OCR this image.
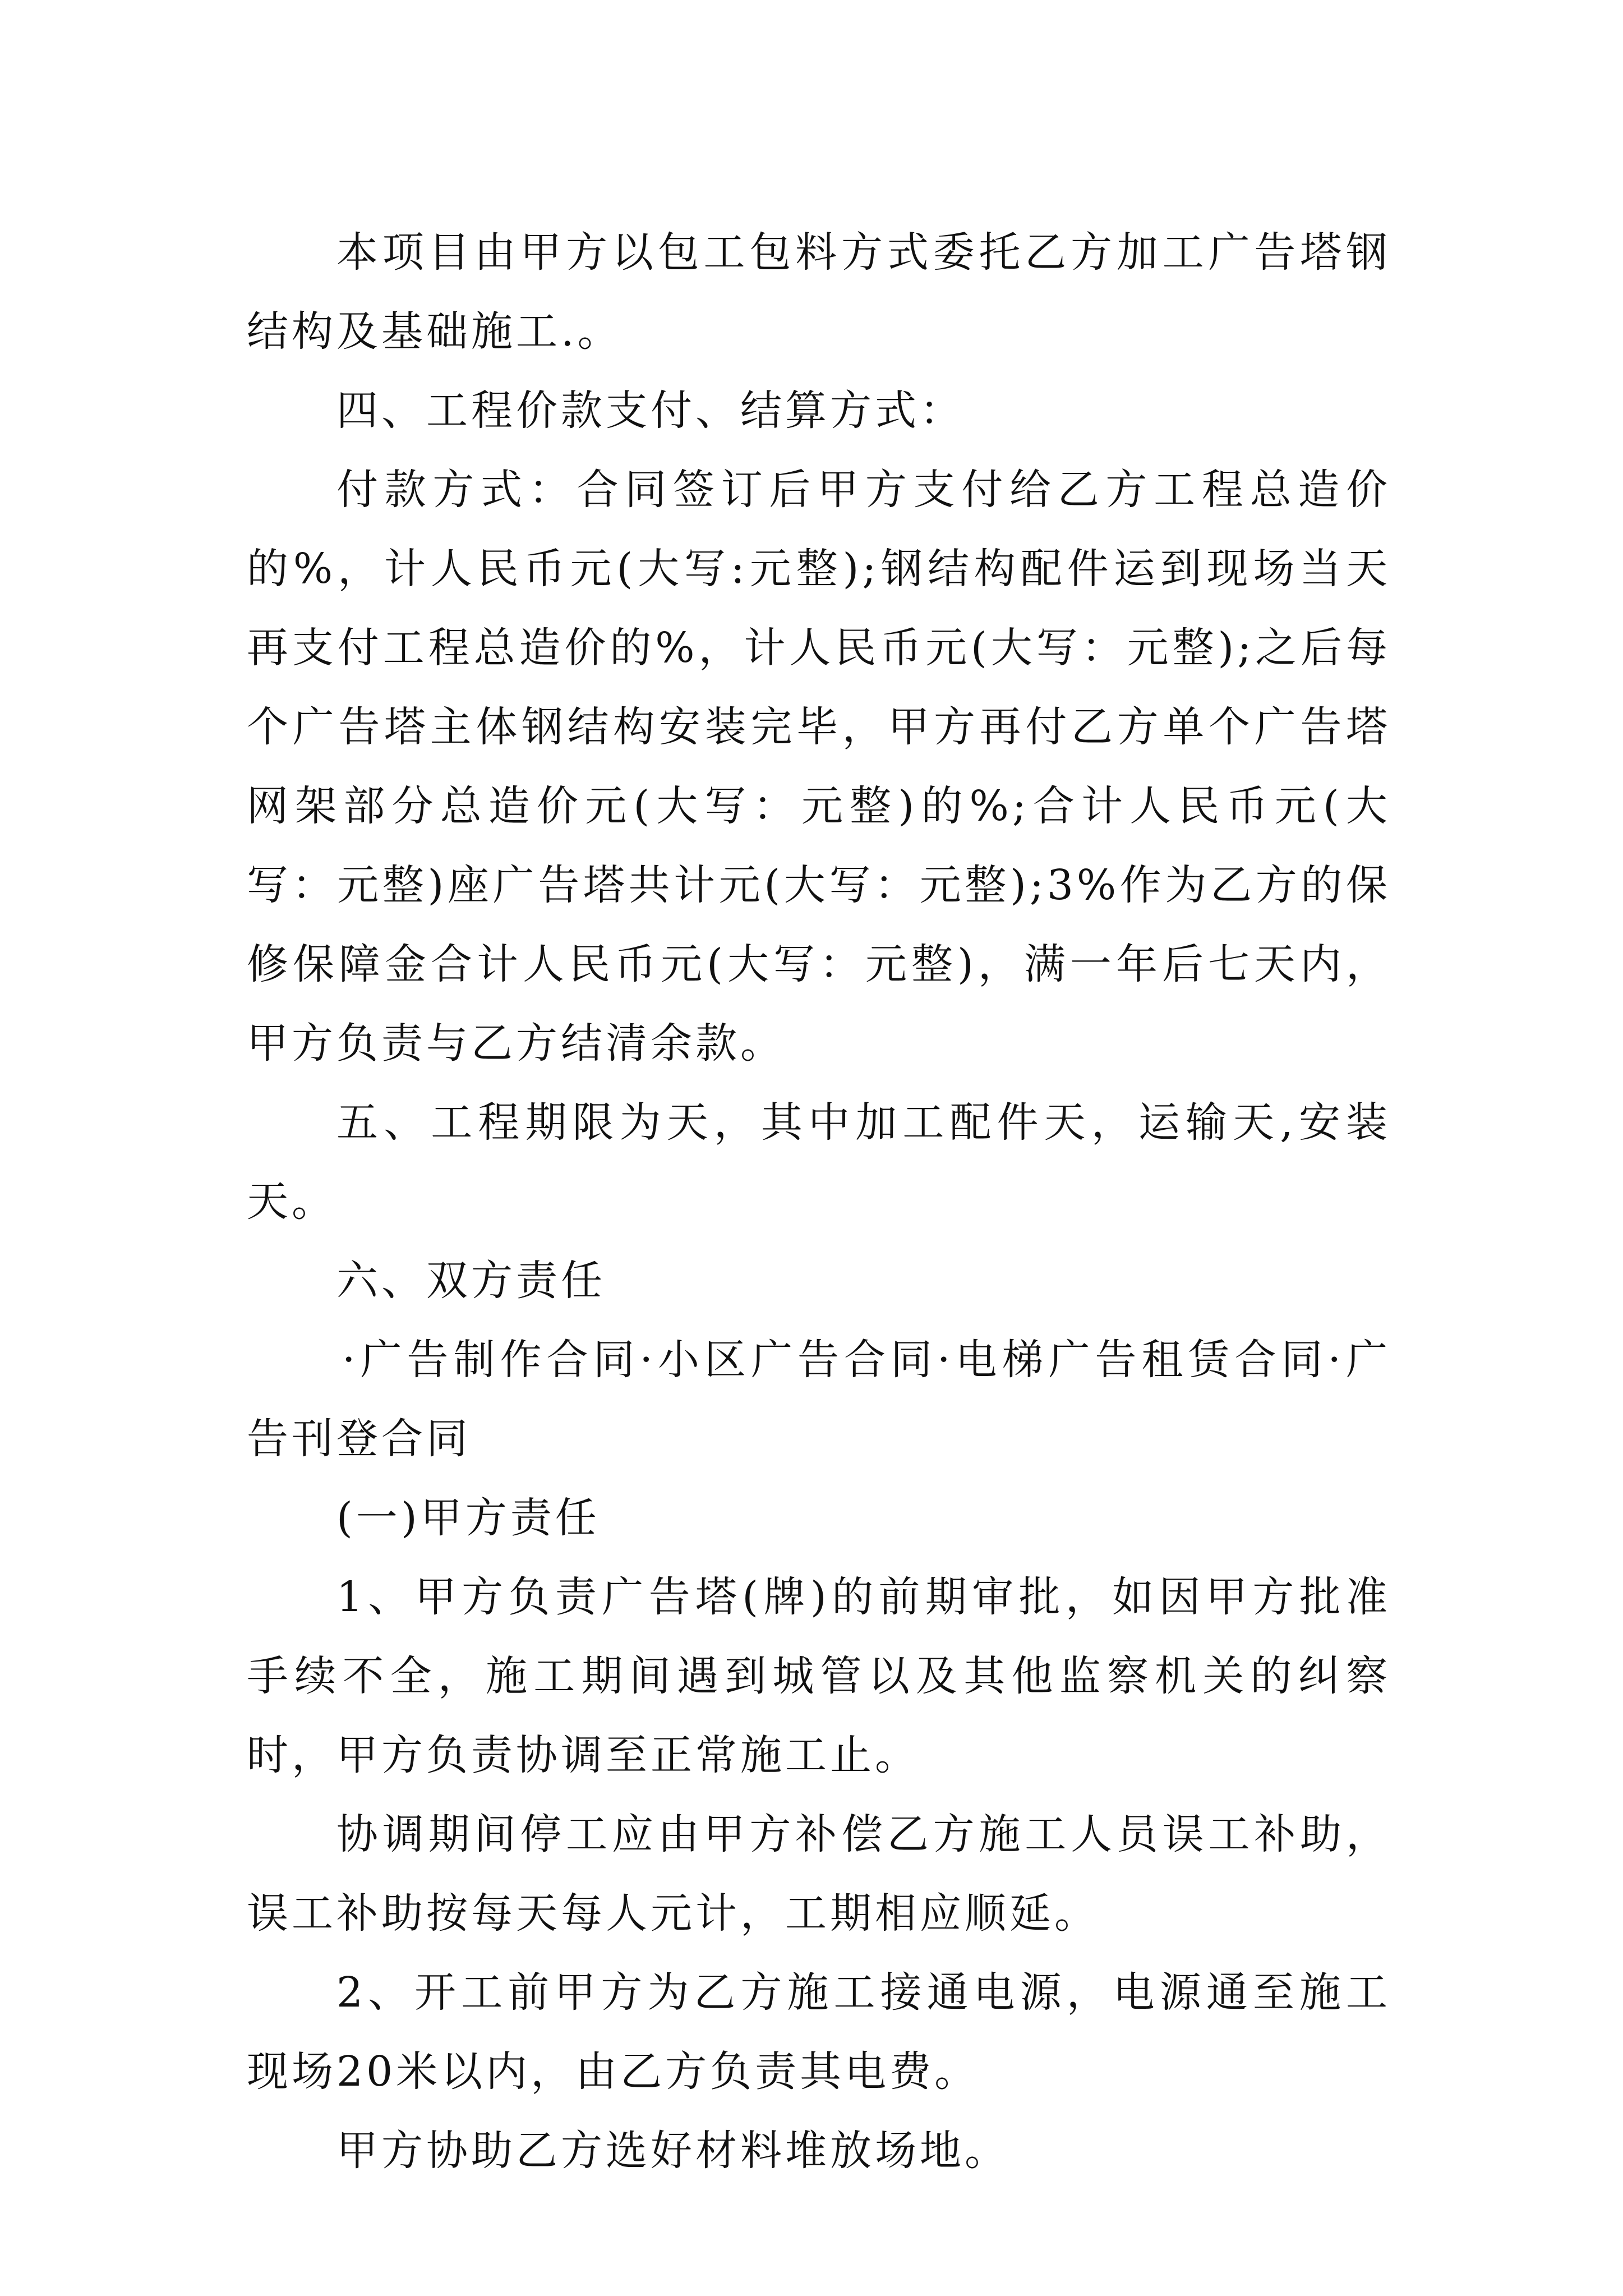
本项目由甲方以包工包料方式委托乙方加工广告塔钢结构及基础施工.。

四、工程价款支付、结算方式：

付款方式：合同签订后甲方支付给乙方工程总造价的%，计人民币元(大写:元整);钢结构配件运到现场当天再支付工程总造价的%，计人民币元(大写：元整);之后每个广告塔主体钢结构安装完毕，甲方再付乙方单个广告塔网架部分总造价元(大写：元整)的%;合计人民币元(大写：元整)座广告塔共计元(大写：元整);3%作为乙方的保修保障金合计人民币元(大写：元整)，满一年后七天内，甲方负责与乙方结清余款。

五、工程期限为天，其中加工配件天，运输天,安装天。

六、双方责任

·广告制作合同·小区广告合同·电梯广告租赁合同·广告刊登合同

(一)甲方责任

1、甲方负责广告塔(牌)的前期审批，如因甲方批准手续不全，施工期间遇到城管以及其他监察机关的纠察时，甲方负责协调至正常施工止。

协调期间停工应由甲方补偿乙方施工人员误工补助，误工补助按每天每人元计，工期相应顺延。

2、开工前甲方为乙方施工接通电源，电源通至施工现场20米以内，由乙方负责其电费。

甲方协助乙方选好材料堆放场地。
